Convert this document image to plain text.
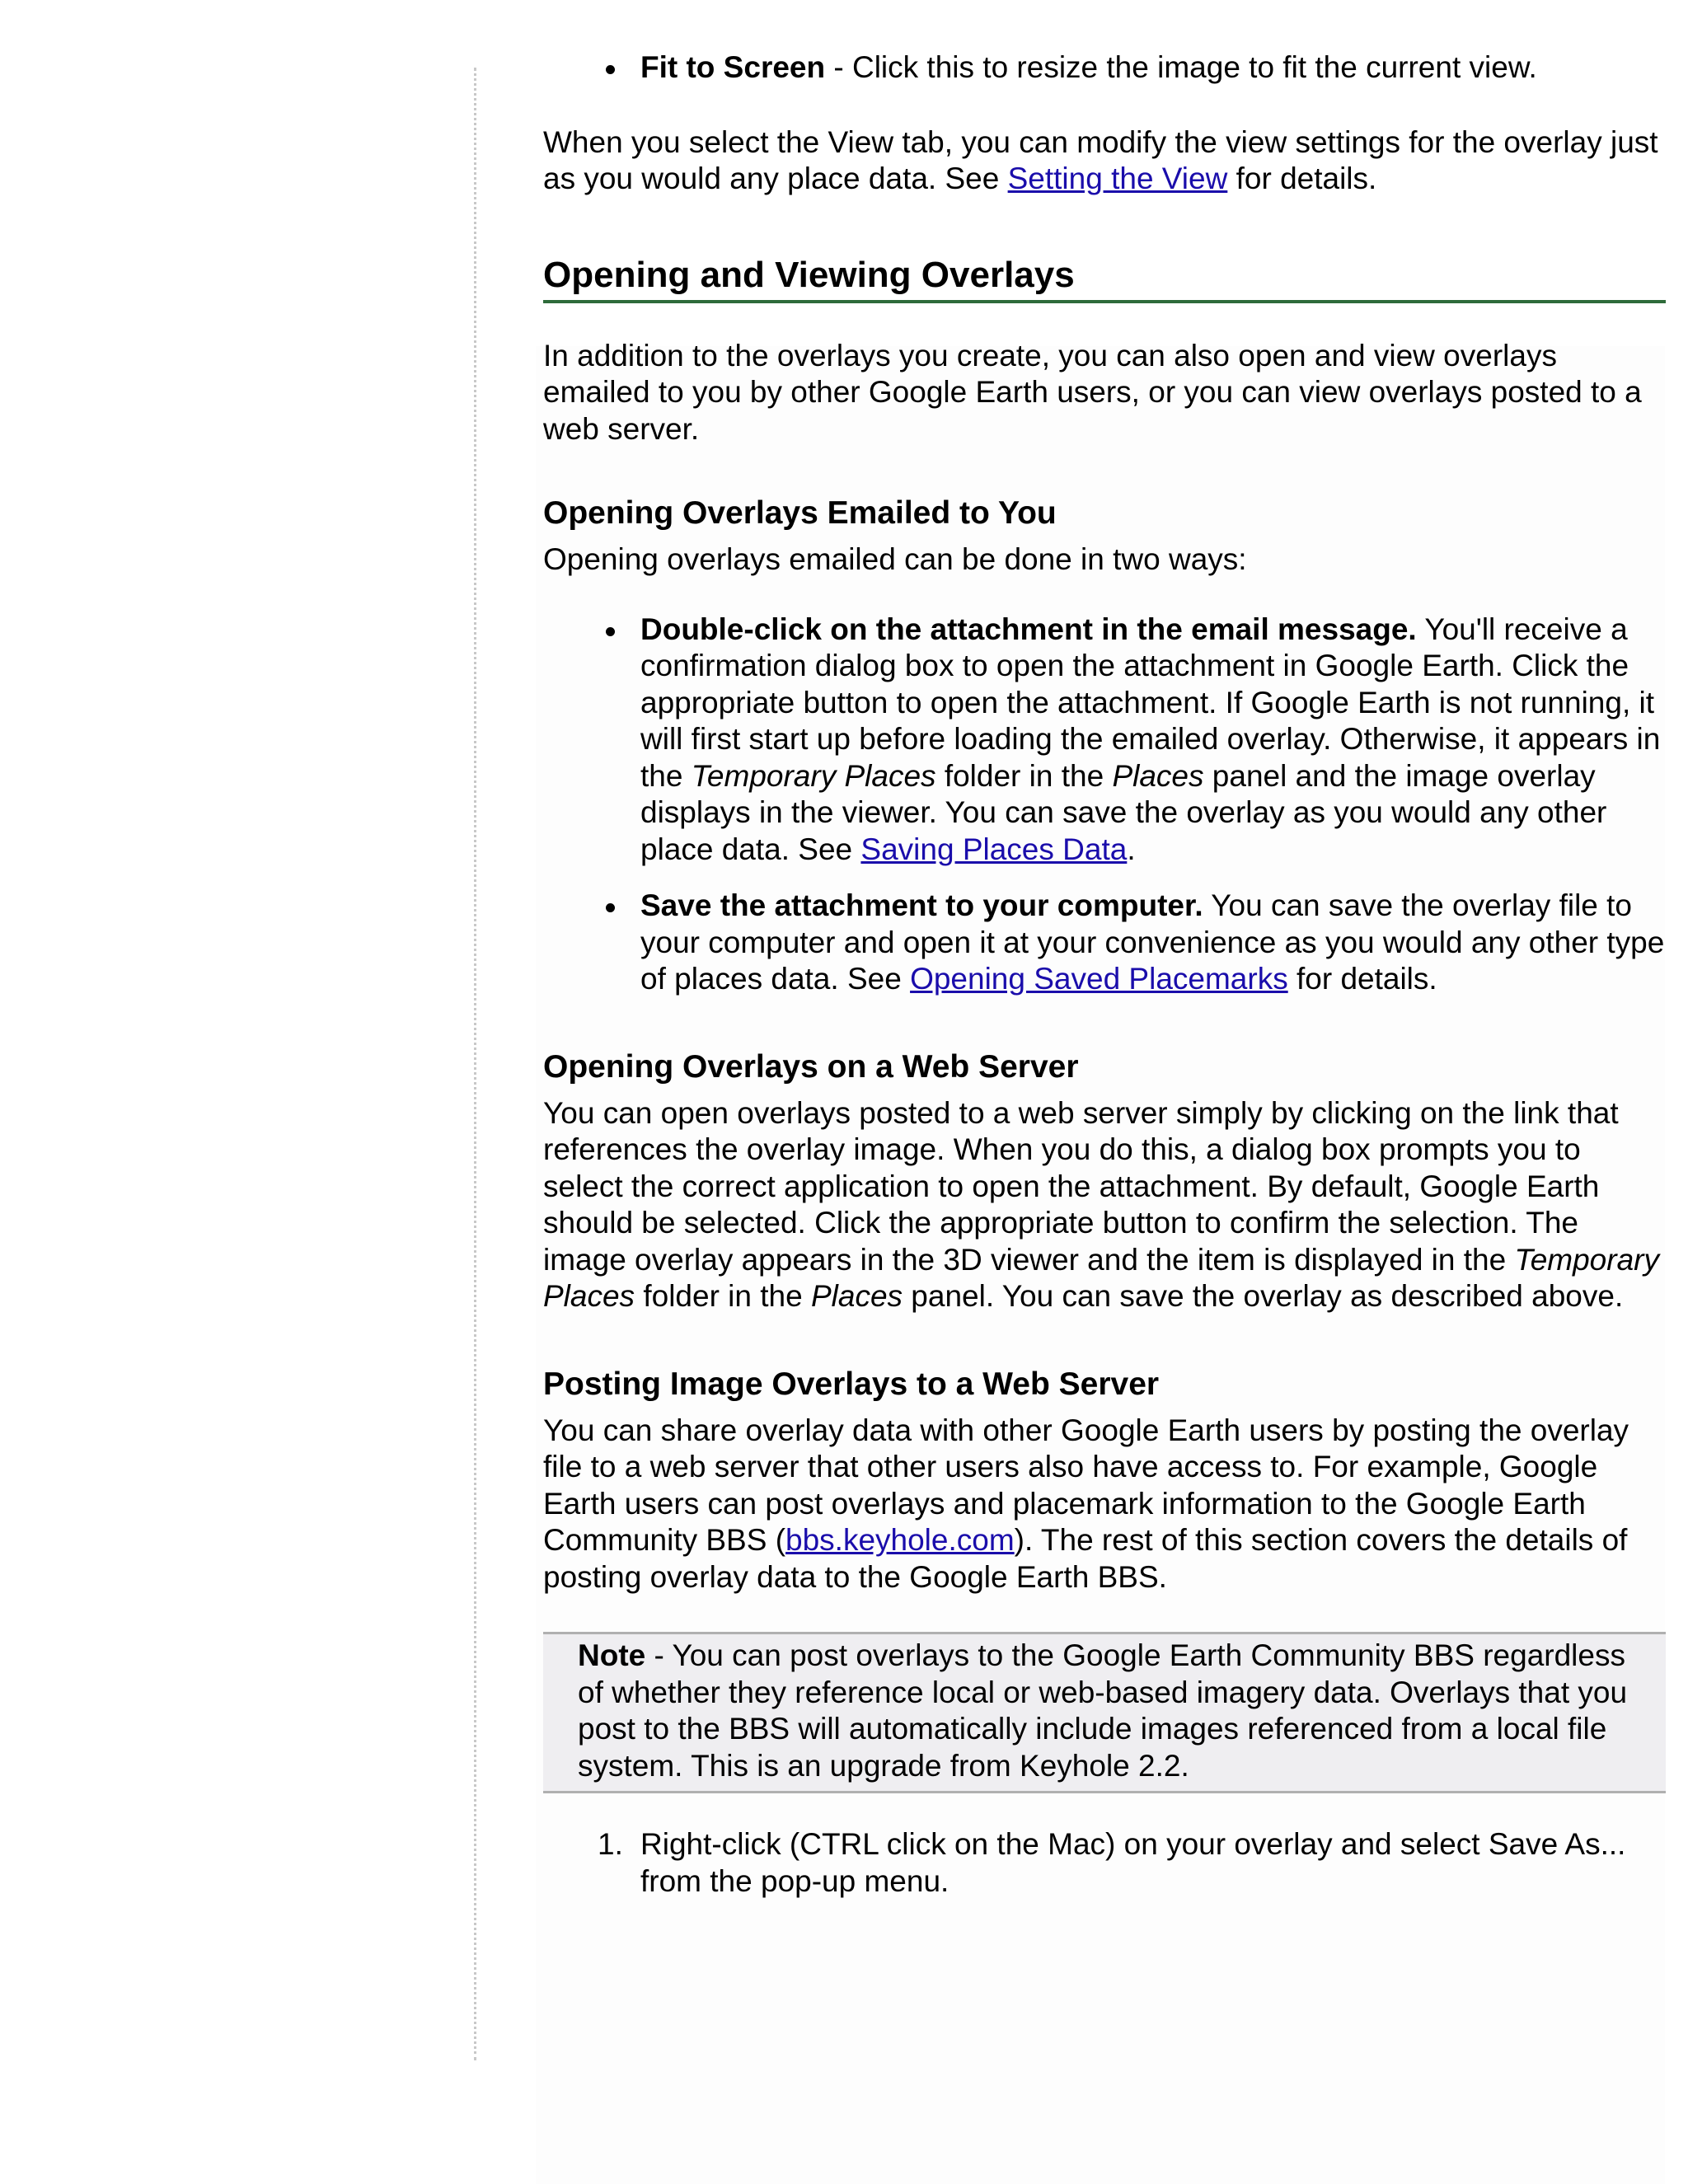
Fit to Screen - Click this to resize the image to fit the current view.

When you select the View tab, you can modify the view settings for the overlay just as you would any place data. See Setting the View for details.

Opening and Viewing Overlays

In addition to the overlays you create, you can also open and view overlays emailed to you by other Google Earth users, or you can view overlays posted to a web server.

Opening Overlays Emailed to You

Opening overlays emailed can be done in two ways:

Double-click on the attachment in the email message. You'll receive a confirmation dialog box to open the attachment in Google Earth. Click the appropriate button to open the attachment. If Google Earth is not running, it will first start up before loading the emailed overlay. Otherwise, it appears in the Temporary Places folder in the Places panel and the image overlay displays in the viewer. You can save the overlay as you would any other place data. See Saving Places Data.
Save the attachment to your computer. You can save the overlay file to your computer and open it at your convenience as you would any other type of places data. See Opening Saved Placemarks for details.
Opening Overlays on a Web Server

You can open overlays posted to a web server simply by clicking on the link that references the overlay image. When you do this, a dialog box prompts you to select the correct application to open the attachment. By default, Google Earth should be selected. Click the appropriate button to confirm the selection. The image overlay appears in the 3D viewer and the item is displayed in the Temporary Places folder in the Places panel. You can save the overlay as described above.

Posting Image Overlays to a Web Server

You can share overlay data with other Google Earth users by posting the overlay file to a web server that other users also have access to. For example, Google Earth users can post overlays and placemark information to the Google Earth Community BBS (bbs.keyhole.com). The rest of this section covers the details of posting overlay data to the Google Earth BBS.

Note - You can post overlays to the Google Earth Community BBS regardless of whether they reference local or web-based imagery data. Overlays that you post to the BBS will automatically include images referenced from a local file system. This is an upgrade from Keyhole 2.2.
1. Right-click (CTRL click on the Mac) on your overlay and select Save As... from the pop-up menu.
